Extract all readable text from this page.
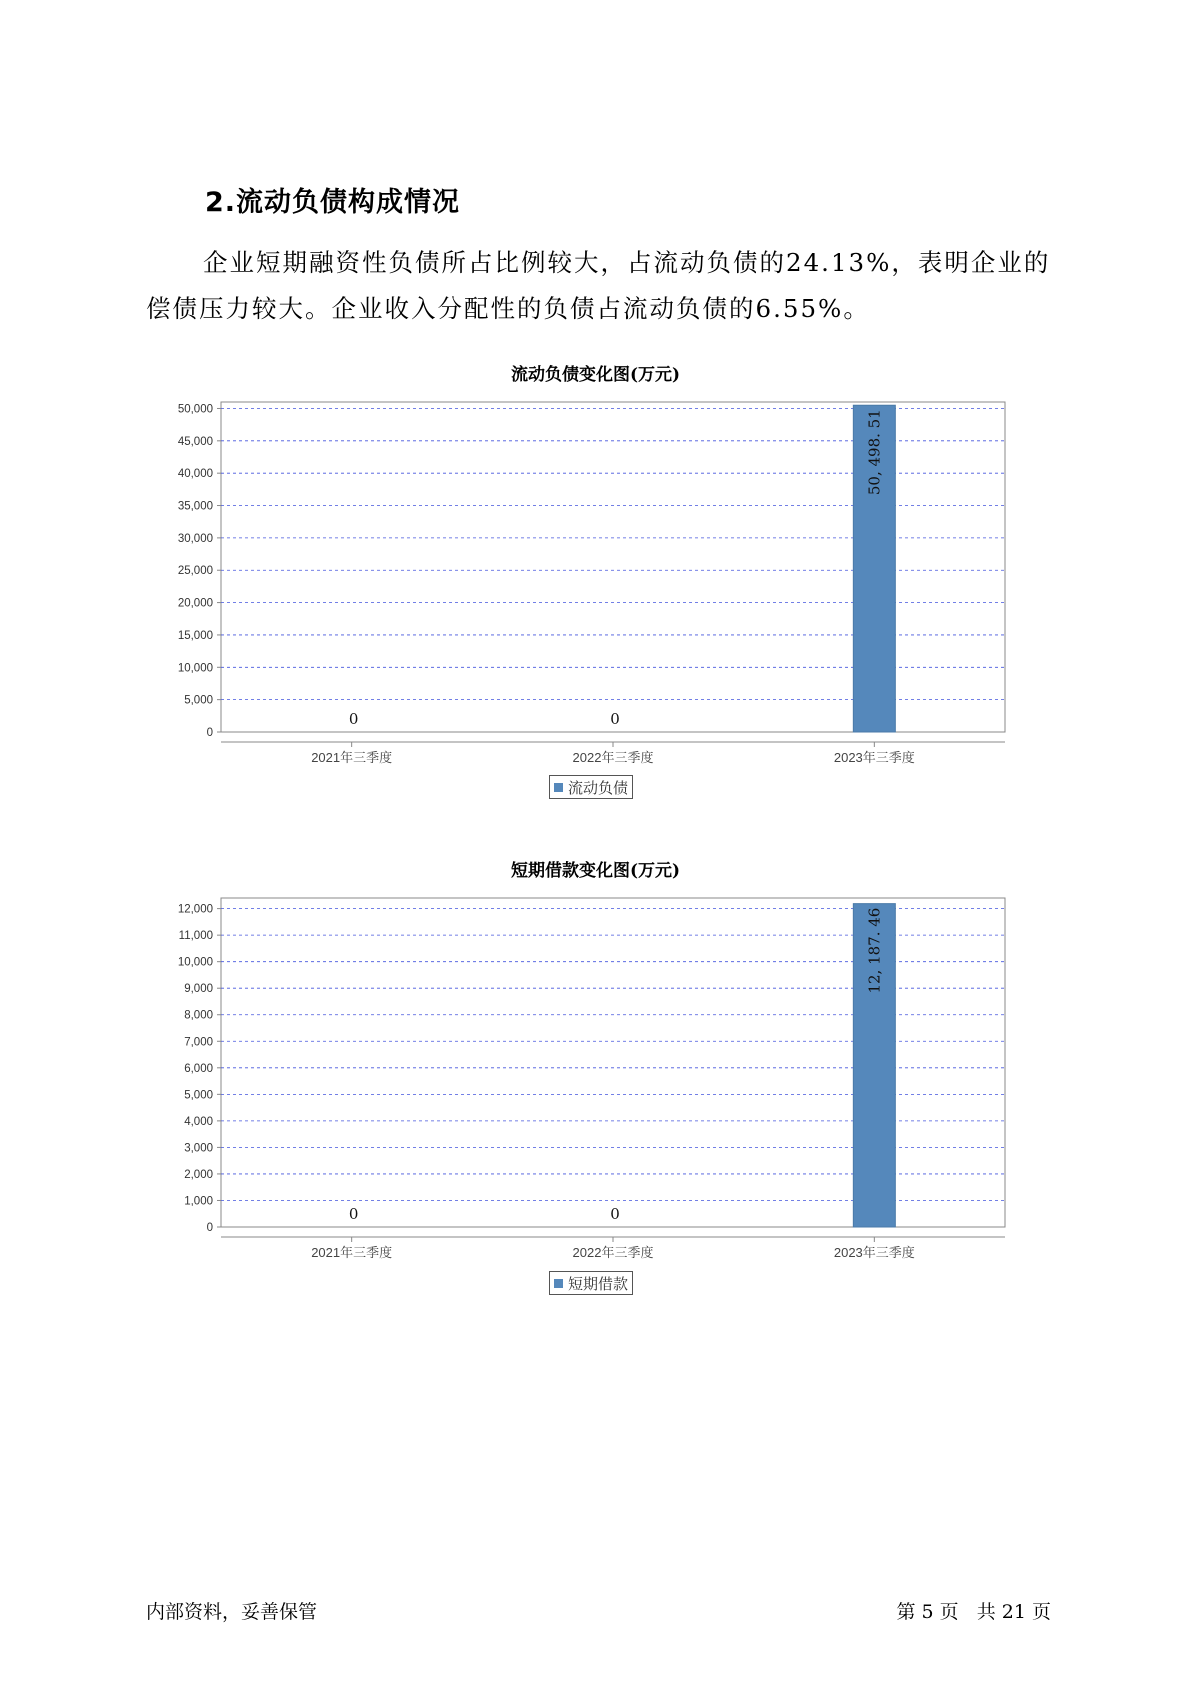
2.流动负债构成情况

企业短期融资性负债所占比例较大，占流动负债的24.13%，表明企业的偿债压力较大。企业收入分配性的负债占流动负债的6.55%。

流动负债变化图(万元)
0
5,000
10,000
15,000
20,000
25,000
30,000
35,000
40,000
45,000
50,000
2021年三季度
0
2022年三季度
0
2023年三季度
50, 498. 51
流动负债
短期借款变化图(万元)
0
1,000
2,000
3,000
4,000
5,000
6,000
7,000
8,000
9,000
10,000
11,000
12,000
2021年三季度
0
2022年三季度
0
2023年三季度
12, 187. 46
短期借款

内部资料，妥善保管	第 5 页   共 21 页
